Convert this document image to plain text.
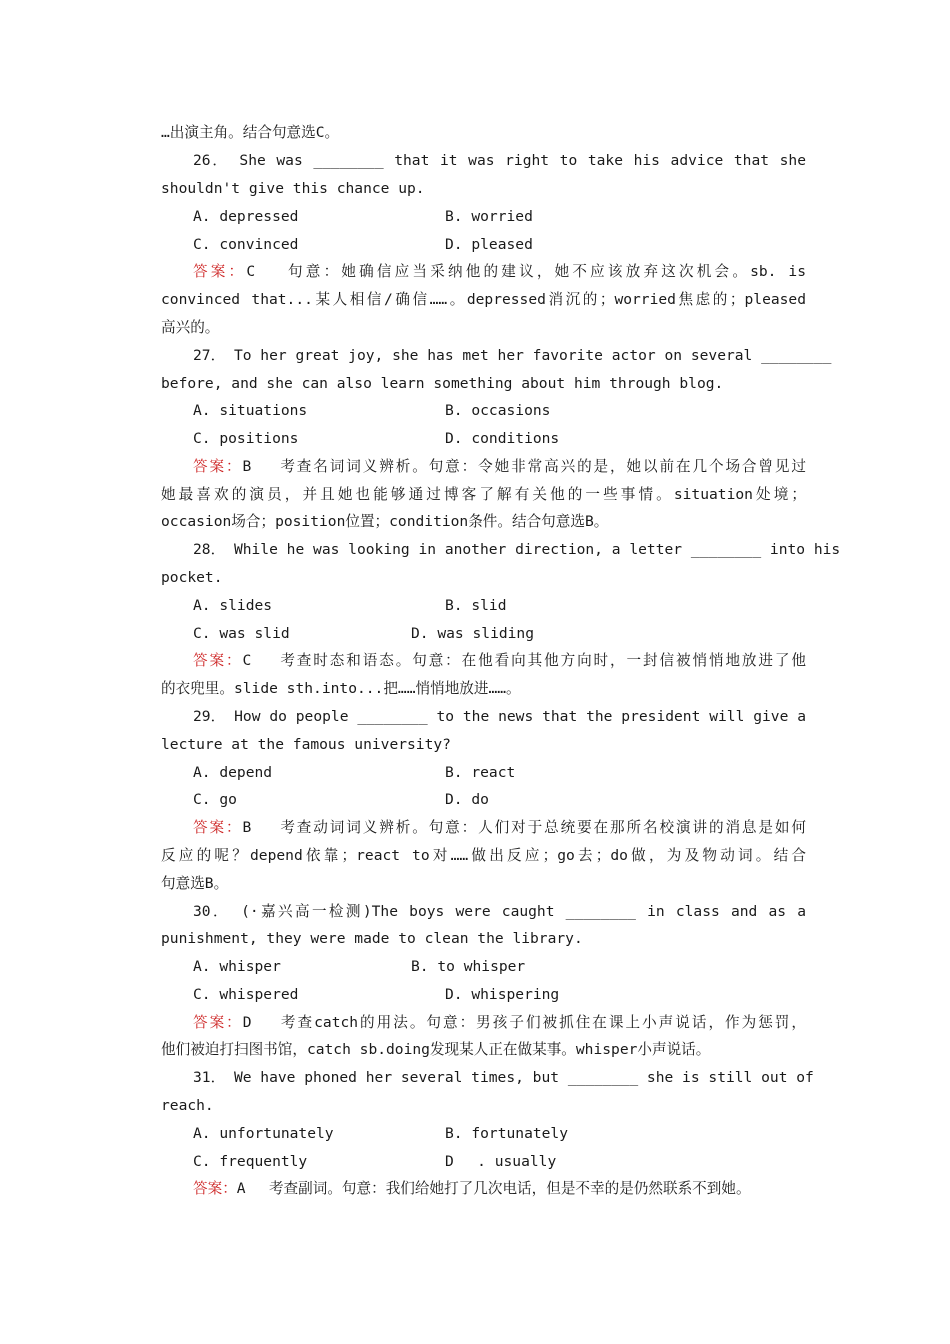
…出演主角。结合句意选C。
26． She was ________ that it was right to take his advice that she
shouldn't give this chance up.
A. depressed	B. worried
C. convinced	D. pleased
答案：C　 句意：她确信应当采纳他的建议，她不应该放弃这次机会。sb. is
convinced that...某人相信/确信……。depressed消沉的；worried焦虑的；pleased
高兴的。
27． To her great joy, she has met her favorite actor on several ________
before, and she can also learn something about him through blog.
A. situations	B. occasions
C. positions	D. conditions
答案：B　 考查名词词义辨析。句意：令她非常高兴的是，她以前在几个场合曾见过
她最喜欢的演员，并且她也能够通过博客了解有关他的一些事情。situation处境；
occasion场合；position位置；condition条件。结合句意选B。
28． While he was looking in another direction, a letter ________ into his
pocket.
A. slides	B. slid
C. was slid	D. was sliding
答案：C　 考查时态和语态。句意：在他看向其他方向时，一封信被悄悄地放进了他
的衣兜里。slide sth.into...把……悄悄地放进……。
29． How do people ________ to the news that the president will give a
lecture at the famous university?
A. depend	B. react
C. go	D. do
答案：B　 考查动词词义辨析。句意：人们对于总统要在那所名校演讲的消息是如何
反应的呢？depend依靠；react to对……做出反应；go去；do做，为及物动词。结合
句意选B。
30． (·嘉兴高一检测)The boys were caught ________ in class and as a
punishment, they were made to clean the library.
A. whisper	B. to whisper
C. whispered	D. whispering
答案：D　 考查catch的用法。句意：男孩子们被抓住在课上小声说话，作为惩罚，
他们被迫打扫图书馆，catch sb.doing发现某人正在做某事。whisper小声说话。
31． We have phoned her several times, but ________ she is still out of
reach.
A. unfortunately	B. fortunately
C. frequently	D　 . usually
答案：A　 考查副词。句意：我们给她打了几次电话，但是不幸的是仍然联系不到她。
